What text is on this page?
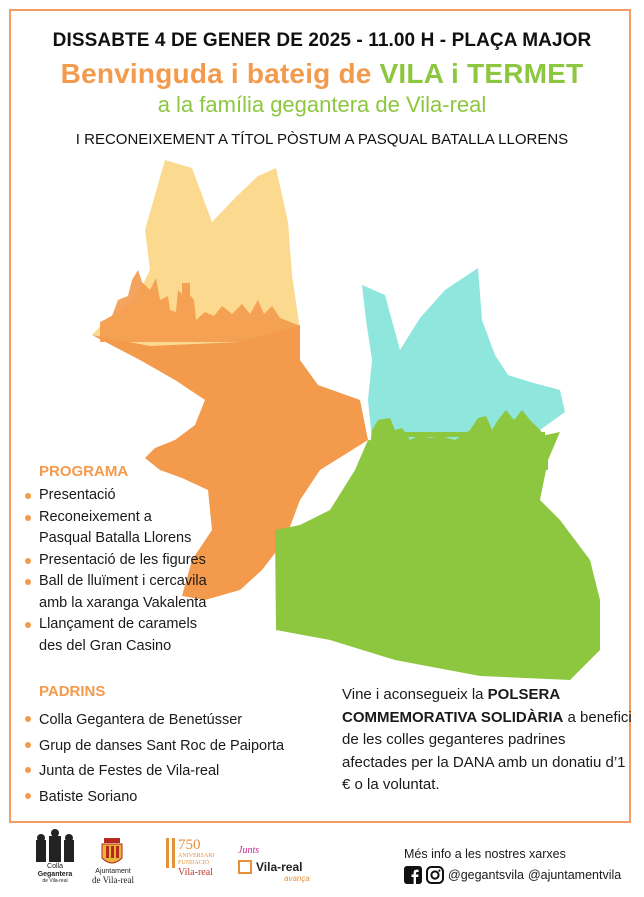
DISSABTE 4 DE GENER DE 2025 - 11.00 H - PLAÇA MAJOR
Benvinguda i bateig de VILA i TERMET
a la família gegantera de Vila-real
I RECONEIXEMENT A TÍTOL PÒSTUM A PASQUAL BATALLA LLORENS
PROGRAMA
Presentació
Reconeixement a
Pasqual Batalla Llorens
Presentació de les figures
Ball de lluïment i cercavila
amb la xaranga Vakalenta
Llançament de caramels
des del Gran Casino
PADRINS
Colla Gegantera de Benetússer
Grup de danses Sant Roc de Paiporta
Junta de Festes de Vila-real
Batiste Soriano
Vine i aconsegueix la POLSERA COMMEMORATIVA SOLIDÀRIA a benefici de les colles geganteres padrines afectades per la DANA amb un donatiu d’1 € o la voluntat.
Colla
Gegantera
de Vila-real
Ajuntament
de Vila-real
750
ANIVERSARI
FUNDACIÓ
Vila-real
Junts
Vila-real
avança
Més info a les nostres xarxes
@gegantsvila @ajuntamentvila
